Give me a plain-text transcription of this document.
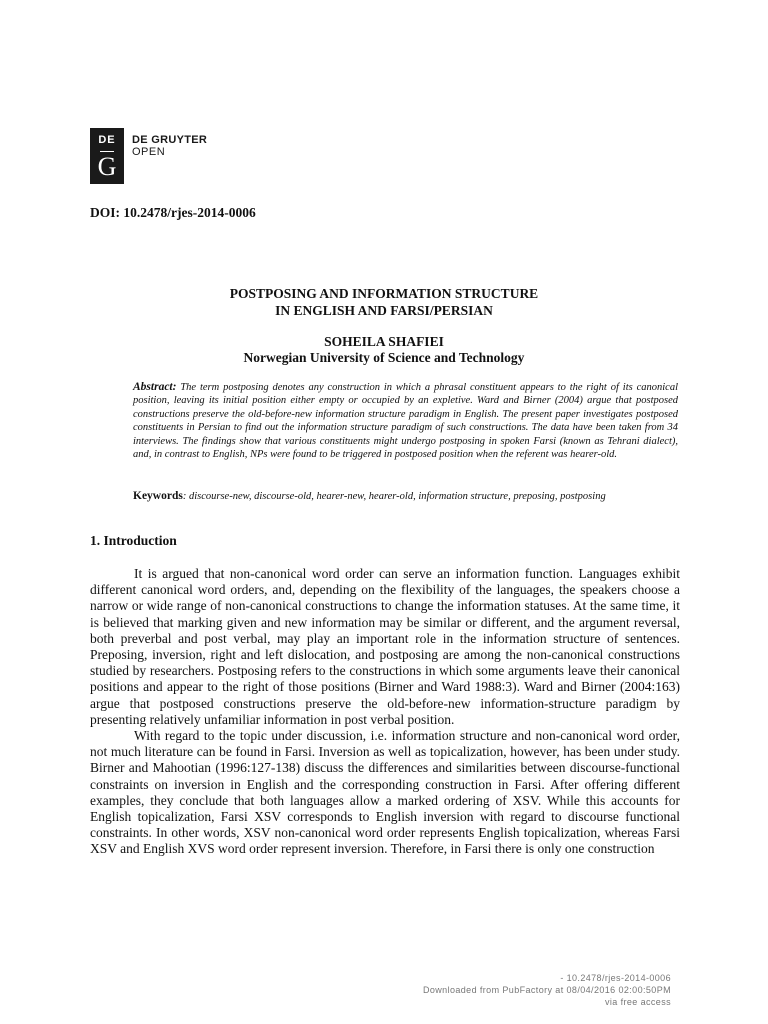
DE
G
DE GRUYTER
OPEN
DOI: 10.2478/rjes-2014-0006
POSTPOSING AND INFORMATION STRUCTURE
IN ENGLISH AND FARSI/PERSIAN
SOHEILA SHAFIEI
Norwegian University of Science and Technology
Abstract: The term postposing denotes any construction in which a phrasal constituent appears to the right of its canonical position, leaving its initial position either empty or occupied by an expletive. Ward and Birner (2004) argue that postposed constructions preserve the old-before-new information structure paradigm in English. The present paper investigates postposed constituents in Persian to find out the information structure paradigm of such constructions. The data have been taken from 34 interviews. The findings show that various constituents might undergo postposing in spoken Farsi (known as Tehrani dialect), and, in contrast to English, NPs were found to be triggered in postposed position when the referent was hearer-old.
Keywords: discourse-new, discourse-old, hearer-new, hearer-old, information structure, preposing, postposing
1. Introduction

It is argued that non-canonical word order can serve an information function. Languages exhibit different canonical word orders, and, depending on the flexibility of the languages, the speakers choose a narrow or wide range of non-canonical constructions to change the information statuses. At the same time, it is believed that marking given and new information may be similar or different, and the argument reversal, both preverbal and post verbal, may play an important role in the information structure of sentences. Preposing, inversion, right and left dislocation, and postposing are among the non-canonical constructions studied by researchers. Postposing refers to the constructions in which some arguments leave their canonical positions and appear to the right of those positions (Birner and Ward 1988:3). Ward and Birner (2004:163) argue that postposed constructions preserve the old-before-new information-structure paradigm by presenting relatively unfamiliar information in post verbal position.

With regard to the topic under discussion, i.e. information structure and non-canonical word order, not much literature can be found in Farsi. Inversion as well as topicalization, however, has been under study. Birner and Mahootian (1996:127-138) discuss the differences and similarities between discourse-functional constraints on inversion in English and the corresponding construction in Farsi. After offering different examples, they conclude that both languages allow a marked ordering of XSV. While this accounts for English topicalization, Farsi XSV corresponds to English inversion with regard to discourse functional constraints. In other words, XSV non-canonical word order represents English topicalization, whereas Farsi XSV and English XVS word order represent inversion. Therefore, in Farsi there is only one construction

- 10.2478/rjes-2014-0006
Downloaded from PubFactory at 08/04/2016 02:00:50PM
via free access
